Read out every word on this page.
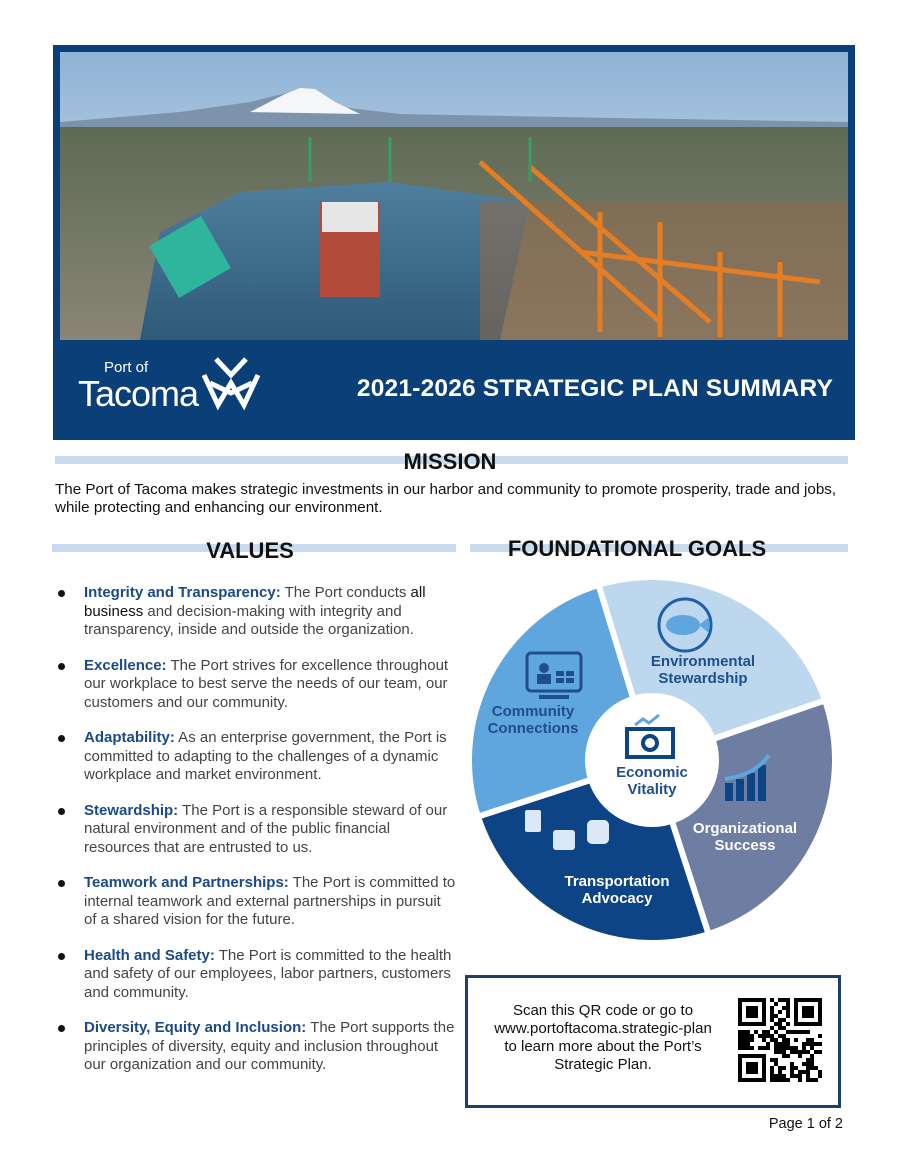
Port of
Tacoma	2021-2026 STRATEGIC PLAN SUMMARY
MISSION
The Port of Tacoma makes strategic investments in our harbor and community to promote prosperity, trade and jobs, while protecting and enhancing our environment.
VALUES	FOUNDATIONAL GOALS
Integrity and Transparency: The Port conducts all business and decision-making with integrity and transparency, inside and outside the organization.
Excellence: The Port strives for excellence throughout our workplace to best serve the needs of our team, our customers and our community.
Adaptability: As an enterprise government, the Port is committed to adapting to the challenges of a dynamic workplace and market environment.
Stewardship: The Port is a responsible steward of our natural environment and of the public financial resources that are entrusted to us.
Teamwork and Partnerships: The Port is committed to internal teamwork and external partnerships in pursuit of a shared vision for the future.
Health and Safety: The Port is committed to the health and safety of our employees, labor partners, customers and community.
Diversity, Equity and Inclusion: The Port supports the principles of diversity, equity and inclusion throughout our organization and our community.
Environmental
Stewardship
Organizational
Success
Transportation
Advocacy
Community
Connections
Economic
Vitality
Scan this QR code or go to
www.portoftacoma.strategic-plan
to learn more about the Port’s
Strategic Plan.
Page 1 of 2
